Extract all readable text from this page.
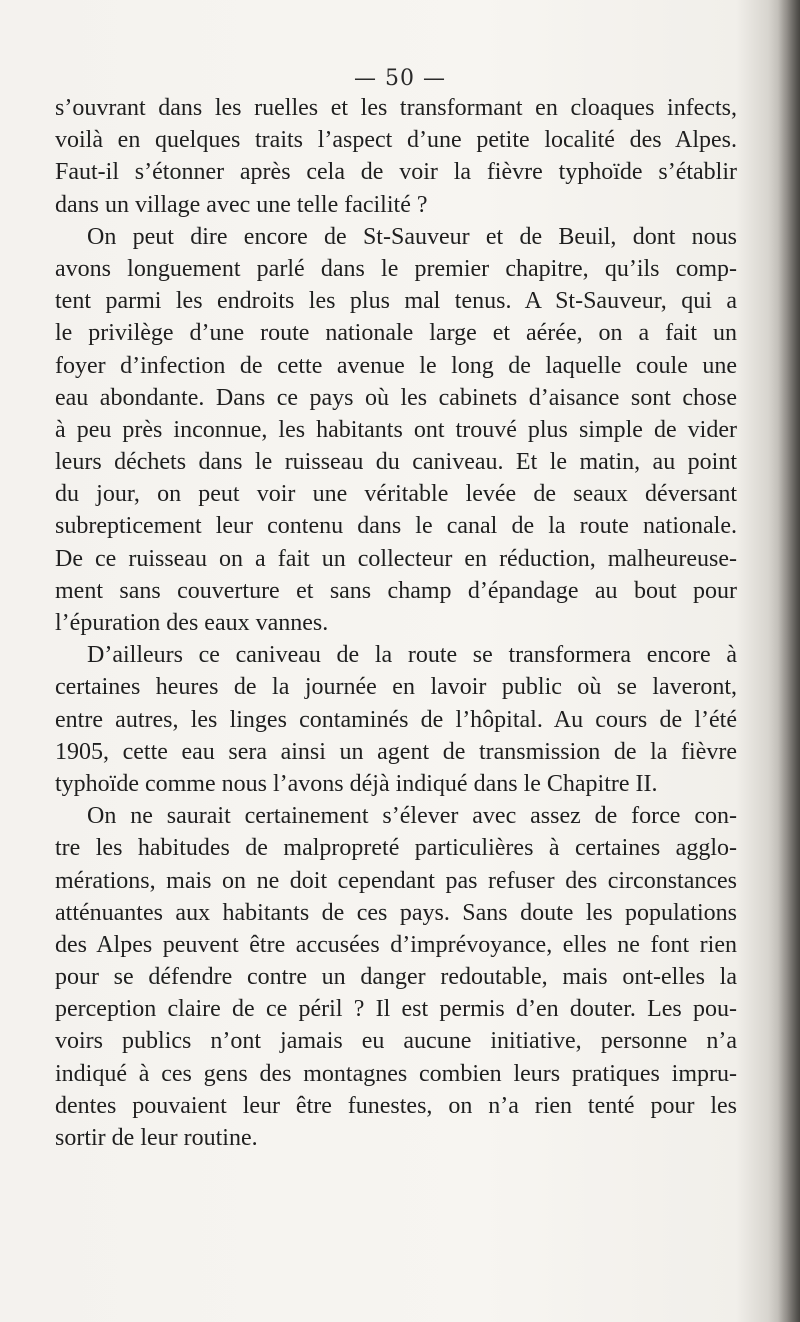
— 50 —
s’ouvrant dans les ruelles et les transformant en cloaques infects,
voilà en quelques traits l’aspect d’une petite localité des Alpes.
Faut-il s’étonner après cela de voir la fièvre typhoïde s’établir
dans un village avec une telle facilité ?
On peut dire encore de St-Sauveur et de Beuil, dont nous
avons longuement parlé dans le premier chapitre, qu’ils comp-
tent parmi les endroits les plus mal tenus. A St-Sauveur, qui a
le privilège d’une route nationale large et aérée, on a fait un
foyer d’infection de cette avenue le long de laquelle coule une
eau abondante. Dans ce pays où les cabinets d’aisance sont chose
à peu près inconnue, les habitants ont trouvé plus simple de vider
leurs déchets dans le ruisseau du caniveau. Et le matin, au point
du jour, on peut voir une véritable levée de seaux déversant
subrepticement leur contenu dans le canal de la route nationale.
De ce ruisseau on a fait un collecteur en réduction, malheureuse-
ment sans couverture et sans champ d’épandage au bout pour
l’épuration des eaux vannes.
D’ailleurs ce caniveau de la route se transformera encore à
certaines heures de la journée en lavoir public où se laveront,
entre autres, les linges contaminés de l’hôpital. Au cours de l’été
1905, cette eau sera ainsi un agent de transmission de la fièvre
typhoïde comme nous l’avons déjà indiqué dans le Chapitre II.
On ne saurait certainement s’élever avec assez de force con-
tre les habitudes de malpropreté particulières à certaines agglo-
mérations, mais on ne doit cependant pas refuser des circonstances
atténuantes aux habitants de ces pays. Sans doute les populations
des Alpes peuvent être accusées d’imprévoyance, elles ne font rien
pour se défendre contre un danger redoutable, mais ont-elles la
perception claire de ce péril ? Il est permis d’en douter. Les pou-
voirs publics n’ont jamais eu aucune initiative, personne n’a
indiqué à ces gens des montagnes combien leurs pratiques impru-
dentes pouvaient leur être funestes, on n’a rien tenté pour les
sortir de leur routine.
